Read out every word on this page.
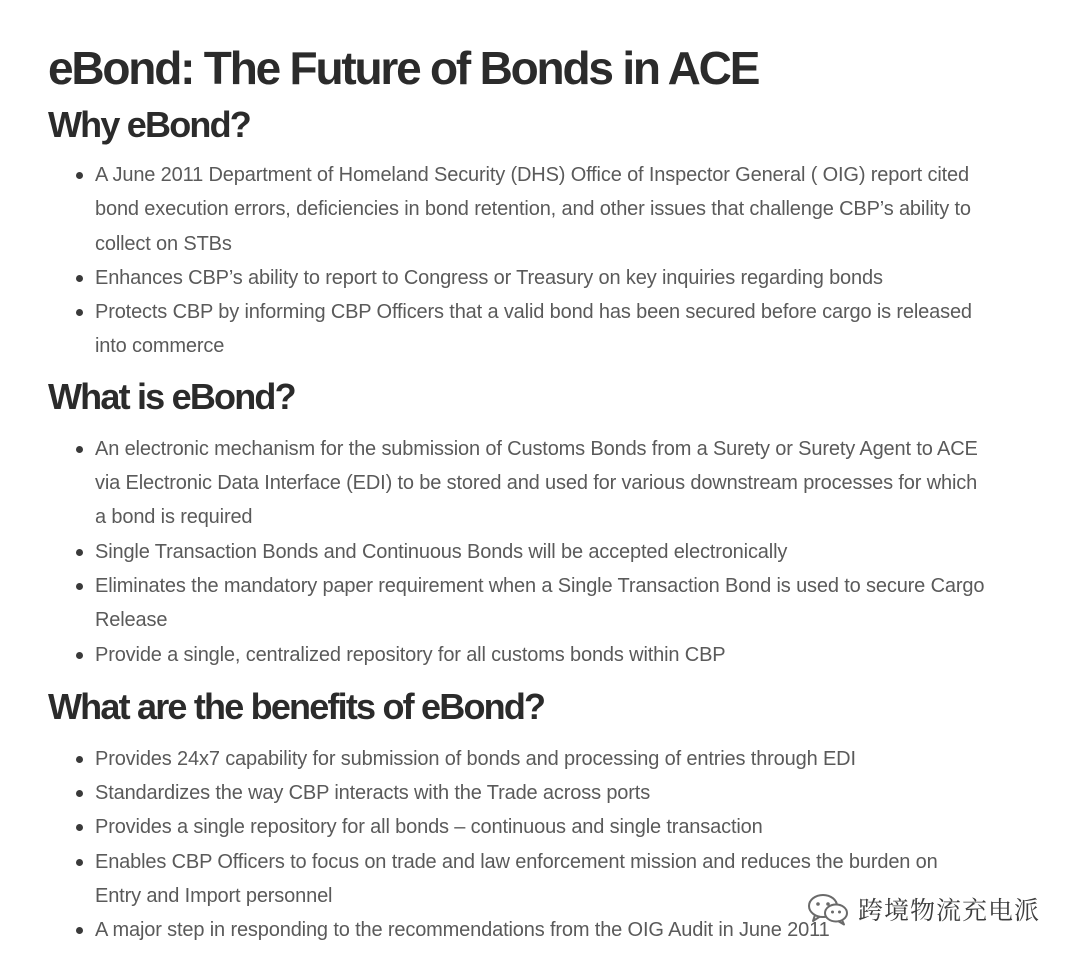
eBond: The Future of Bonds in ACE
Why eBond?
A June 2011 Department of Homeland Security (DHS) Office of Inspector General ( OIG) report cited bond execution errors, deficiencies in bond retention, and other issues that challenge CBP’s ability to collect on STBs
Enhances CBP’s ability to report to Congress or Treasury on key inquiries regarding bonds
Protects CBP by informing CBP Officers that a valid bond has been secured before cargo is released into commerce
What is eBond?
An electronic mechanism for the submission of Customs Bonds from a Surety or Surety Agent to ACE via Electronic Data Interface (EDI) to be stored and used for various downstream processes for which a bond is required
Single Transaction Bonds and Continuous Bonds will be accepted electronically
Eliminates the mandatory paper requirement when a Single Transaction Bond is used to secure Cargo Release
Provide a single, centralized repository for all customs bonds within CBP
What are the benefits of eBond?
Provides 24x7 capability for submission of bonds and processing of entries through EDI
Standardizes the way CBP interacts with the Trade across ports
Provides a single repository for all bonds – continuous and single transaction
Enables CBP Officers to focus on trade and law enforcement mission and reduces the burden on Entry and Import personnel
A major step in responding to the recommendations from the OIG Audit in June 2011
跨境物流充电派
